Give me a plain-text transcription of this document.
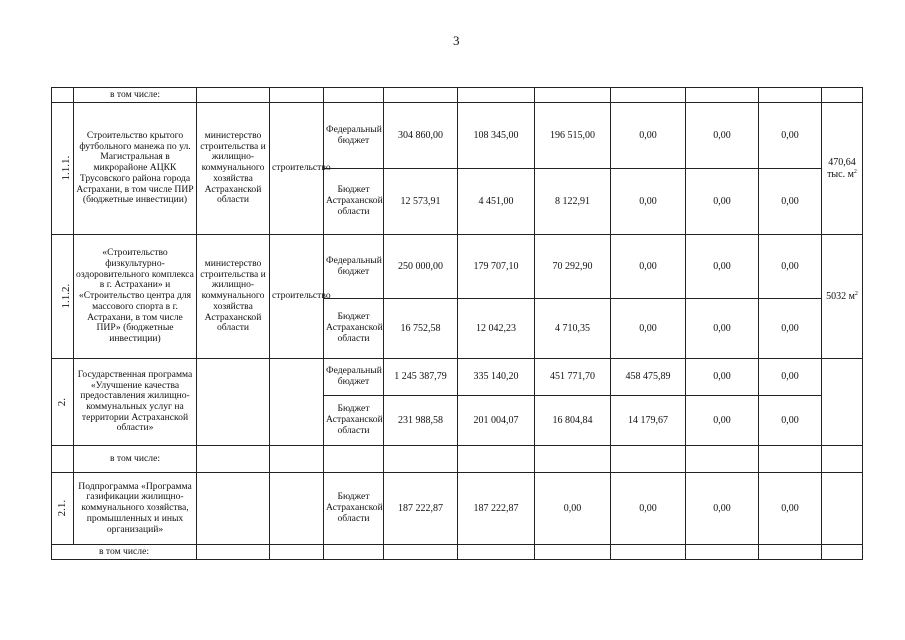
3
	в том числе:										
1.1.1.	Строительство крытого футбольного манежа по ул. Магистральная в микрорайоне АЦКК Трусовского района города Астрахани, в том числе ПИР (бюджетные инвестиции)	министерство строительства и жилищно-коммунального хозяйства Астраханской области	строительство	Федеральный бюджет	304 860,00	108 345,00	196 515,00	0,00	0,00	0,00	470,64
тыс. $м^2$
				Бюджет Астраханской области	12 573,91	4 451,00	8 122,91	0,00	0,00	0,00	
1.1.2.	«Строительство физкультурно-оздоровительного комплекса в г. Астрахани» и «Строительство центра для массового спорта в г. Астрахани, в том числе ПИР» (бюджетные инвестиции)	министерство строительства и жилищно-коммунального хозяйства Астраханской области	строительство	Федеральный бюджет	250 000,00	179 707,10	70 292,90	0,00	0,00	0,00	5032 $м^2$
				Бюджет Астраханской области	16 752,58	12 042,23	4 710,35	0,00	0,00	0,00	
2.	Государственная программа «Улучшение качества предоставления жилищно-коммунальных услуг на территории Астраханской области»			Федеральный бюджет	1 245 387,79	335 140,20	451 771,70	458 475,89	0,00	0,00	
				Бюджет Астраханской области	231 988,58	201 004,07	16 804,84	14 179,67	0,00	0,00	
	в том числе:										
2.1.	Подпрограмма «Программа газификации жилищно-коммунального хозяйства, промышленных и иных организаций»			Бюджет Астраханской области	187 222,87	187 222,87	0,00	0,00	0,00	0,00	
в том числе:											
